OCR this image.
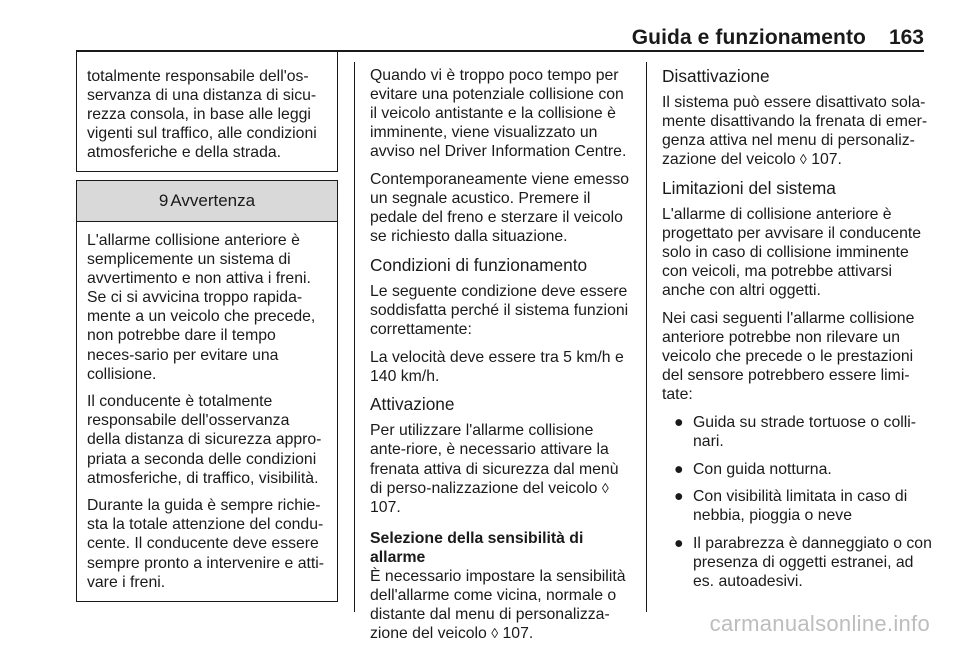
Guida e funzionamento 163

totalmente responsabile dell'os-servanza di una distanza di sicu-rezza consola, in base alle leggi vigenti sul traffico, alle condizioni atmosferiche e della strada.

9 Avvertenza

L'allarme collisione anteriore è semplicemente un sistema di avvertimento e non attiva i freni. Se ci si avvicina troppo rapida-mente a un veicolo che precede, non potrebbe dare il tempo neces-sario per evitare una collisione.

Il conducente è totalmente responsabile dell'osservanza della distanza di sicurezza appro-priata a seconda delle condizioni atmosferiche, di traffico, visibilità.

Durante la guida è sempre richie-sta la totale attenzione del condu-cente. Il conducente deve essere sempre pronto a intervenire e atti-vare i freni.

Quando vi è troppo poco tempo per evitare una potenziale collisione con il veicolo antistante e la collisione è imminente, viene visualizzato un avviso nel Driver Information Centre.

Contemporaneamente viene emesso un segnale acustico. Premere il pedale del freno e sterzare il veicolo se richiesto dalla situazione.

Condizioni di funzionamento

Le seguente condizione deve essere soddisfatta perché il sistema funzioni correttamente:

La velocità deve essere tra 5 km/h e 140 km/h.

Attivazione

Per utilizzare l'allarme collisione ante-riore, è necessario attivare la frenata attiva di sicurezza dal menù di perso-nalizzazione del veicolo ◊ 107.

Selezione della sensibilità di allarme

È necessario impostare la sensibilità dell'allarme come vicina, normale o distante dal menu di personalizza-zione del veicolo ◊ 107.

Disattivazione

Il sistema può essere disattivato sola-mente disattivando la frenata di emer-genza attiva nel menu di personaliz-zazione del veicolo ◊ 107.

Limitazioni del sistema

L'allarme di collisione anteriore è progettato per avvisare il conducente solo in caso di collisione imminente con veicoli, ma potrebbe attivarsi anche con altri oggetti.

Nei casi seguenti l'allarme collisione anteriore potrebbe non rilevare un veicolo che precede o le prestazioni del sensore potrebbero essere limi-tate:

● Guida su strade tortuose o colli-nari.
● Con guida notturna.
● Con visibilità limitata in caso di nebbia, pioggia o neve
● Il parabrezza è danneggiato o con presenza di oggetti estranei, ad es. autoadesivi.
carmanualsonline.info
